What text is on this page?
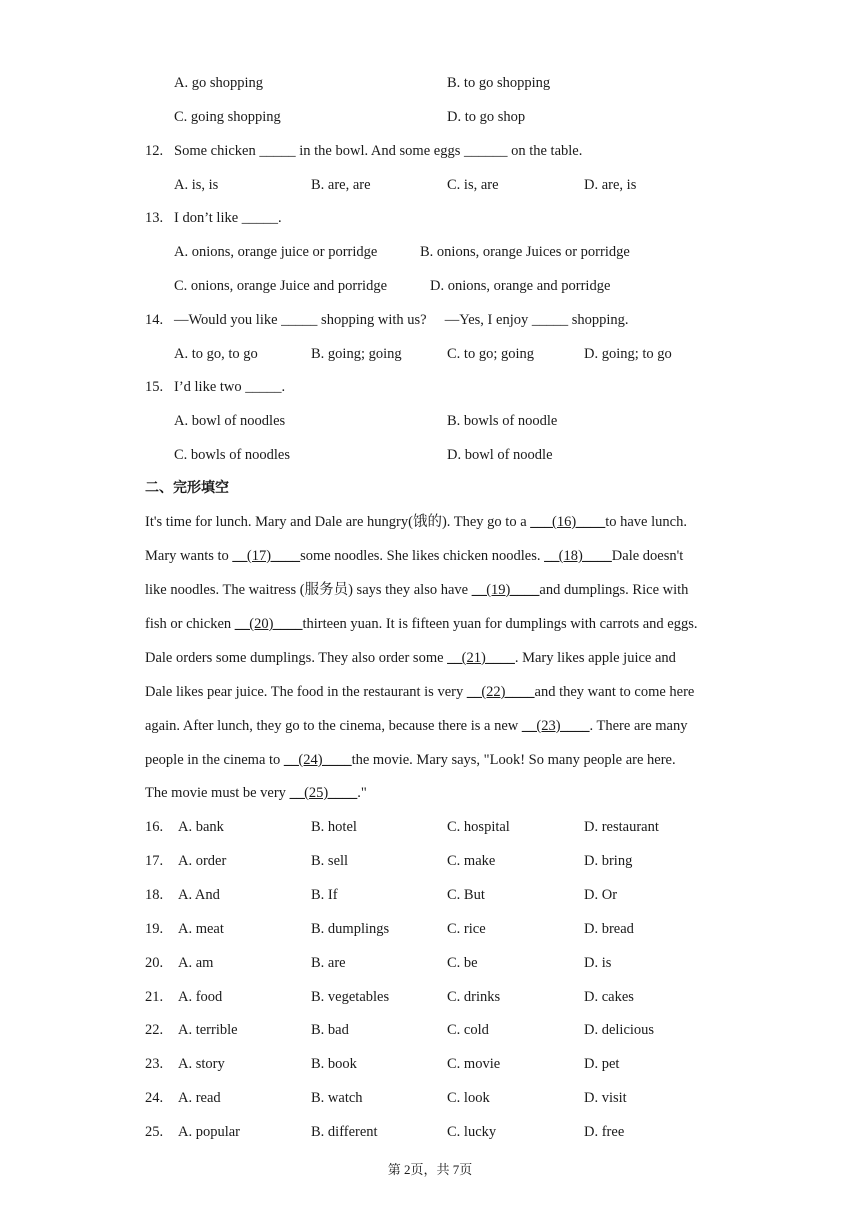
A. go shopping	B. to go shopping
C. going shopping	D. to go shop
12. Some chicken _____ in the bowl. And some eggs ______ on the table.
A. is, is	B. are, are	C. is, are	D. are, is
13. I don’t like _____.
A. onions, orange juice or porridge	B. onions, orange Juices or porridge
C. onions, orange Juice and porridge	D. onions, orange and porridge
14. —Would you like _____ shopping with us?     —Yes, I enjoy _____ shopping.
A. to go, to go	B. going; going	C. to go; going	D. going; to go
15. I’d like two _____.
A. bowl of noodles	B. bowls of noodle
C. bowls of noodles	D. bowl of noodle
二、完形填空
It's time for lunch. Mary and Dale are hungry(饿的). They go to a ___(16)____to have lunch.
Mary wants to __(17)____some noodles. She likes chicken noodles. __(18)____Dale doesn't
like noodles. The waitress (服务员) says they also have __(19)____and dumplings. Rice with
fish or chicken __(20)____thirteen yuan. It is fifteen yuan for dumplings with carrots and eggs.
Dale orders some dumplings. They also order some __(21)____. Mary likes apple juice and
Dale likes pear juice. The food in the restaurant is very __(22)____and they want to come here
again. After lunch, they go to the cinema, because there is a new __(23)____. There are many
people in the cinema to __(24)____the movie. Mary says, "Look! So many people are here.
The movie must be very __(25)____."
16. A. bank	B. hotel	C. hospital	D. restaurant
17. A. order	B. sell	C. make	D. bring
18. A. And	B. If	C. But	D. Or
19. A. meat	B. dumplings	C. rice	D. bread
20. A. am	B. are	C. be	D. is
21. A. food	B. vegetables	C. drinks	D. cakes
22. A. terrible	B. bad	C. cold	D. delicious
23. A. story	B. book	C. movie	D. pet
24. A. read	B. watch	C. look	D. visit
25. A. popular	B. different	C. lucky	D. free
第 2页，共 7页
